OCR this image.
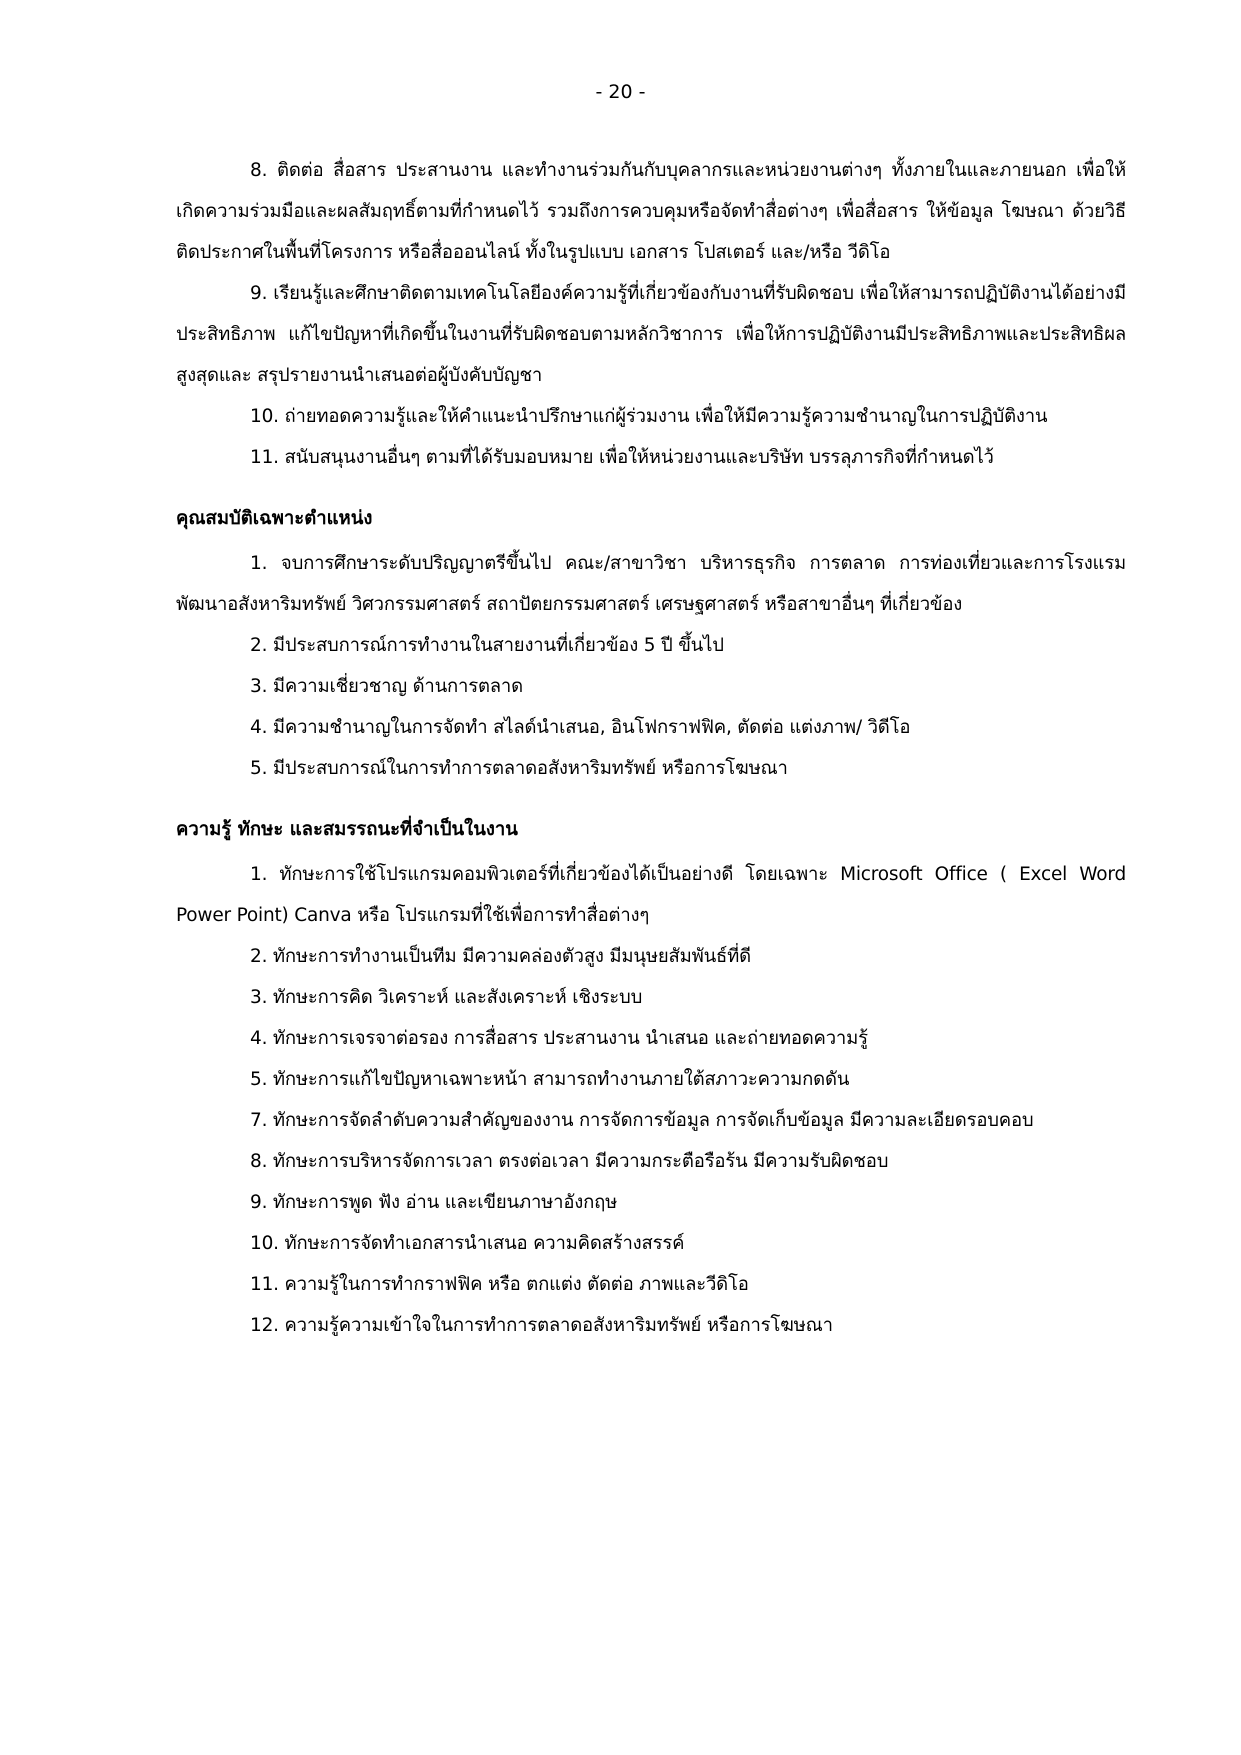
- 20 -

8. ติดต่อ สื่อสาร ประสานงาน และทำงานร่วมกันกับบุคลากรและหน่วยงานต่างๆ ทั้งภายในและภายนอก เพื่อให้เกิดความร่วมมือและผลสัมฤทธิ์ตามที่กำหนดไว้ รวมถึงการควบคุมหรือจัดทำสื่อต่างๆ เพื่อสื่อสาร ให้ข้อมูล โฆษณา ด้วยวิธี ติดประกาศในพื้นที่โครงการ หรือสื่อออนไลน์ ทั้งในรูปแบบ เอกสาร โปสเตอร์ และ/หรือ วีดิโอ

9. เรียนรู้และศึกษาติดตามเทคโนโลยีองค์ความรู้ที่เกี่ยวข้องกับงานที่รับผิดชอบ เพื่อให้สามารถปฏิบัติงานได้อย่างมีประสิทธิภาพ แก้ไขปัญหาที่เกิดขึ้นในงานที่รับผิดชอบตามหลักวิชาการ เพื่อให้การปฏิบัติงานมีประสิทธิภาพและประสิทธิผลสูงสุดและ สรุปรายงานนำเสนอต่อผู้บังคับบัญชา

10. ถ่ายทอดความรู้และให้คำแนะนำปรึกษาแก่ผู้ร่วมงาน เพื่อให้มีความรู้ความชำนาญในการปฏิบัติงาน

11. สนับสนุนงานอื่นๆ ตามที่ได้รับมอบหมาย เพื่อให้หน่วยงานและบริษัท บรรลุภารกิจที่กำหนดไว้

คุณสมบัติเฉพาะตำแหน่ง

1. จบการศึกษาระดับปริญญาตรีขึ้นไป คณะ/สาขาวิชา บริหารธุรกิจ การตลาด การท่องเที่ยวและการโรงแรม พัฒนาอสังหาริมทรัพย์ วิศวกรรมศาสตร์ สถาปัตยกรรมศาสตร์ เศรษฐศาสตร์ หรือสาขาอื่นๆ ที่เกี่ยวข้อง

2. มีประสบการณ์การทำงานในสายงานที่เกี่ยวข้อง 5 ปี ขึ้นไป

3. มีความเชี่ยวชาญ ด้านการตลาด

4. มีความชำนาญในการจัดทำ สไลด์นำเสนอ, อินโฟกราฟฟิค, ตัดต่อ แต่งภาพ/ วิดีโอ

5. มีประสบการณ์ในการทำการตลาดอสังหาริมทรัพย์ หรือการโฆษณา

ความรู้ ทักษะ และสมรรถนะที่จำเป็นในงาน

1. ทักษะการใช้โปรแกรมคอมพิวเตอร์ที่เกี่ยวข้องได้เป็นอย่างดี โดยเฉพาะ Microsoft Office ( Excel Word Power Point) Canva หรือ โปรแกรมที่ใช้เพื่อการทำสื่อต่างๆ

2. ทักษะการทำงานเป็นทีม มีความคล่องตัวสูง มีมนุษยสัมพันธ์ที่ดี

3. ทักษะการคิด วิเคราะห์ และสังเคราะห์ เชิงระบบ

4. ทักษะการเจรจาต่อรอง การสื่อสาร ประสานงาน นำเสนอ และถ่ายทอดความรู้

5. ทักษะการแก้ไขปัญหาเฉพาะหน้า สามารถทำงานภายใต้สภาวะความกดดัน

7. ทักษะการจัดลำดับความสำคัญของงาน การจัดการข้อมูล การจัดเก็บข้อมูล มีความละเอียดรอบคอบ

8. ทักษะการบริหารจัดการเวลา ตรงต่อเวลา มีความกระตือรือร้น มีความรับผิดชอบ

9. ทักษะการพูด ฟัง อ่าน และเขียนภาษาอังกฤษ

10. ทักษะการจัดทำเอกสารนำเสนอ ความคิดสร้างสรรค์

11. ความรู้ในการทำกราฟฟิค หรือ ตกแต่ง ตัดต่อ ภาพและวีดิโอ

12. ความรู้ความเข้าใจในการทำการตลาดอสังหาริมทรัพย์ หรือการโฆษณา
